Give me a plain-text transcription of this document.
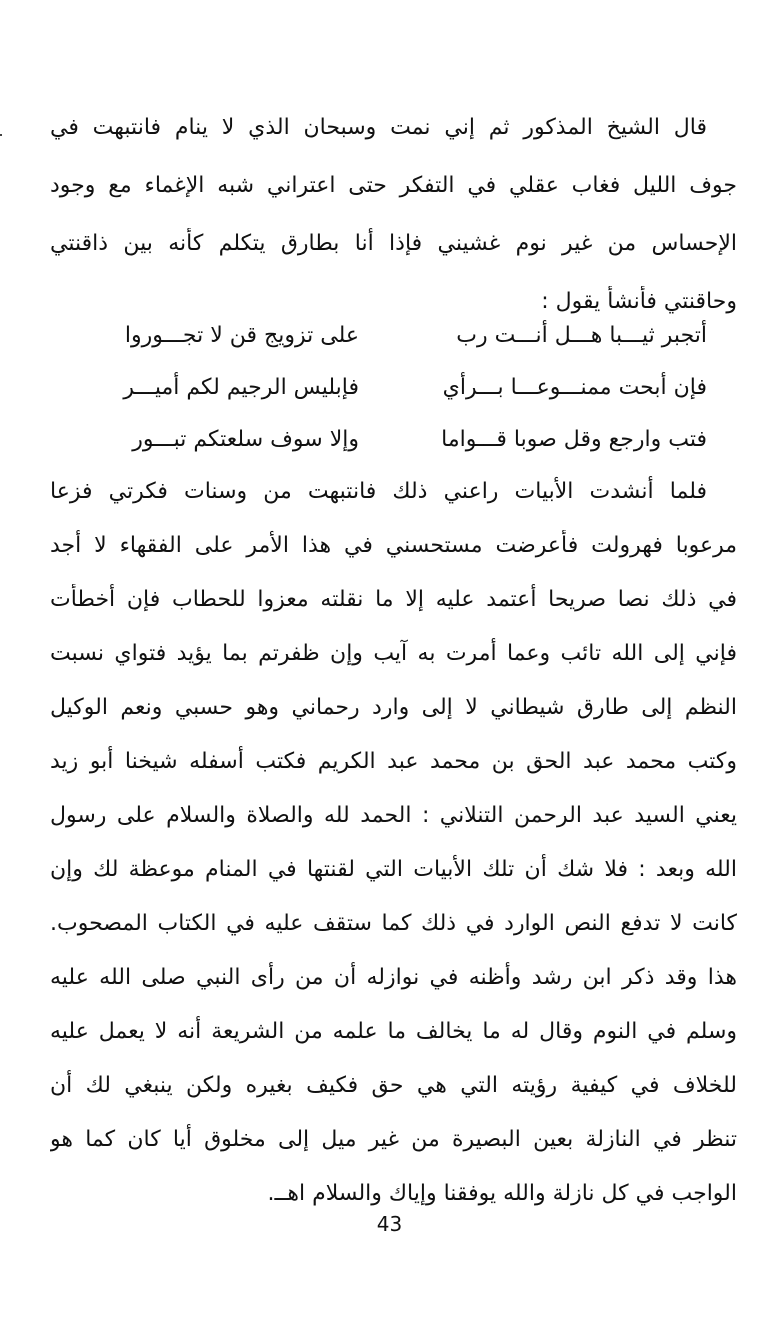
قال الشيخ المذكور ثم إني نمت وسبحان الذي لا ينام فانتبهت في
جوف الليل فغاب عقلي في التفكر حتى اعتراني شبه الإغماء مع وجود
الإحساس من غير نوم غشيني فإذا أنا بطارق يتكلم كأنه بين ذاقنتي
وحاقنتي فأنشأ يقول :
أتجبر ثيـــبا هـــل أنـــت رب
على تزويج قن لا تجـــوروا
فإن أبحت ممنـــوعـــا بـــرأي
فإبليس الرجيم لكم أميـــر
فتب وارجع وقل صوبا قـــواما
وإلا سوف سلعتكم تبـــور
فلما أنشدت الأبيات راعني ذلك فانتبهت من وسنات فكرتي فزعا
مرعوبا فهرولت فأعرضت مستحسني في هذا الأمر على الفقهاء لا أجد
في ذلك نصا صريحا أعتمد عليه إلا ما نقلته معزوا للحطاب فإن أخطأت
فإني إلى الله تائب وعما أمرت به آيب وإن ظفرتم بما يؤيد فتواي نسبت
النظم إلى طارق شيطاني لا إلى وارد رحماني وهو حسبي ونعم الوكيل
وكتب محمد عبد الحق بن محمد عبد الكريم فكتب أسفله شيخنا أبو زيد
يعني السيد عبد الرحمن التنلاني : الحمد لله والصلاة والسلام على رسول
الله وبعد : فلا شك أن تلك الأبيات التي لقنتها في المنام موعظة لك وإن
كانت لا تدفع النص الوارد في ذلك كما ستقف عليه في الكتاب المصحوب.
هذا وقد ذكر ابن رشد وأظنه في نوازله أن من رأى النبي صلى الله عليه
وسلم في النوم وقال له ما يخالف ما علمه من الشريعة أنه لا يعمل عليه
للخلاف في كيفية رؤيته التي هي حق فكيف بغيره ولكن ينبغي لك أن
تنظر في النازلة بعين البصيرة من غير ميل إلى مخلوق أيا كان كما هو
الواجب في كل نازلة والله يوفقنا وإياك والسلام اهــ.
43
